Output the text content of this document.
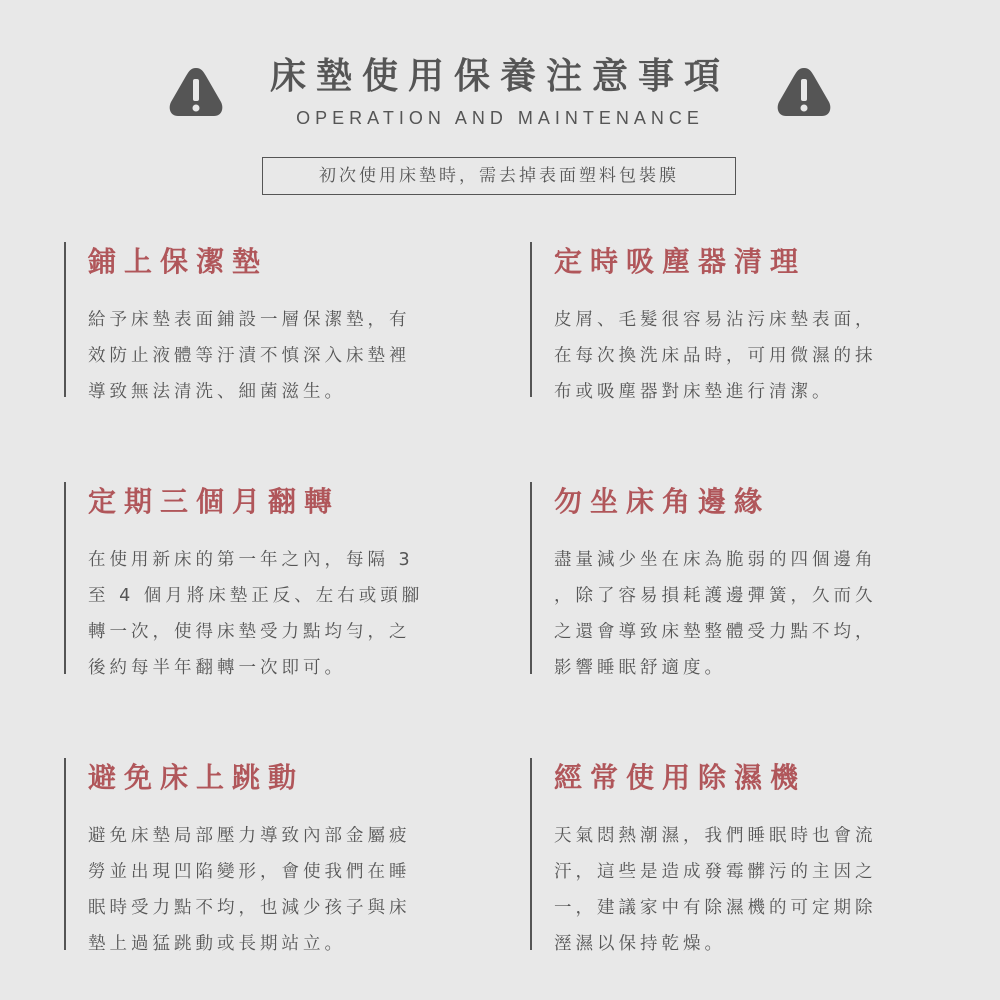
床墊使用保養注意事項
OPERATION AND MAINTENANCE
初次使用床墊時，需去掉表面塑料包裝膜
鋪上保潔墊

給予床墊表面鋪設一層保潔墊，有
效防止液體等汙漬不慎深入床墊裡
導致無法清洗、細菌滋生。

定時吸塵器清理

皮屑、毛髮很容易沾污床墊表面，
在每次換洗床品時，可用微濕的抹
布或吸塵器對床墊進行清潔。

定期三個月翻轉

在使用新床的第一年之內，每隔 3
至 4 個月將床墊正反、左右或頭腳
轉一次，使得床墊受力點均勻，之
後約每半年翻轉一次即可。

勿坐床角邊緣

盡量減少坐在床為脆弱的四個邊角
，除了容易損耗護邊彈簧，久而久
之還會導致床墊整體受力點不均，
影響睡眠舒適度。

避免床上跳動

避免床墊局部壓力導致內部金屬疲
勞並出現凹陷變形，會使我們在睡
眠時受力點不均，也減少孩子與床
墊上過猛跳動或長期站立。

經常使用除濕機

天氣悶熱潮濕，我們睡眠時也會流
汗，這些是造成發霉髒污的主因之
一，建議家中有除濕機的可定期除
溼濕以保持乾燥。
